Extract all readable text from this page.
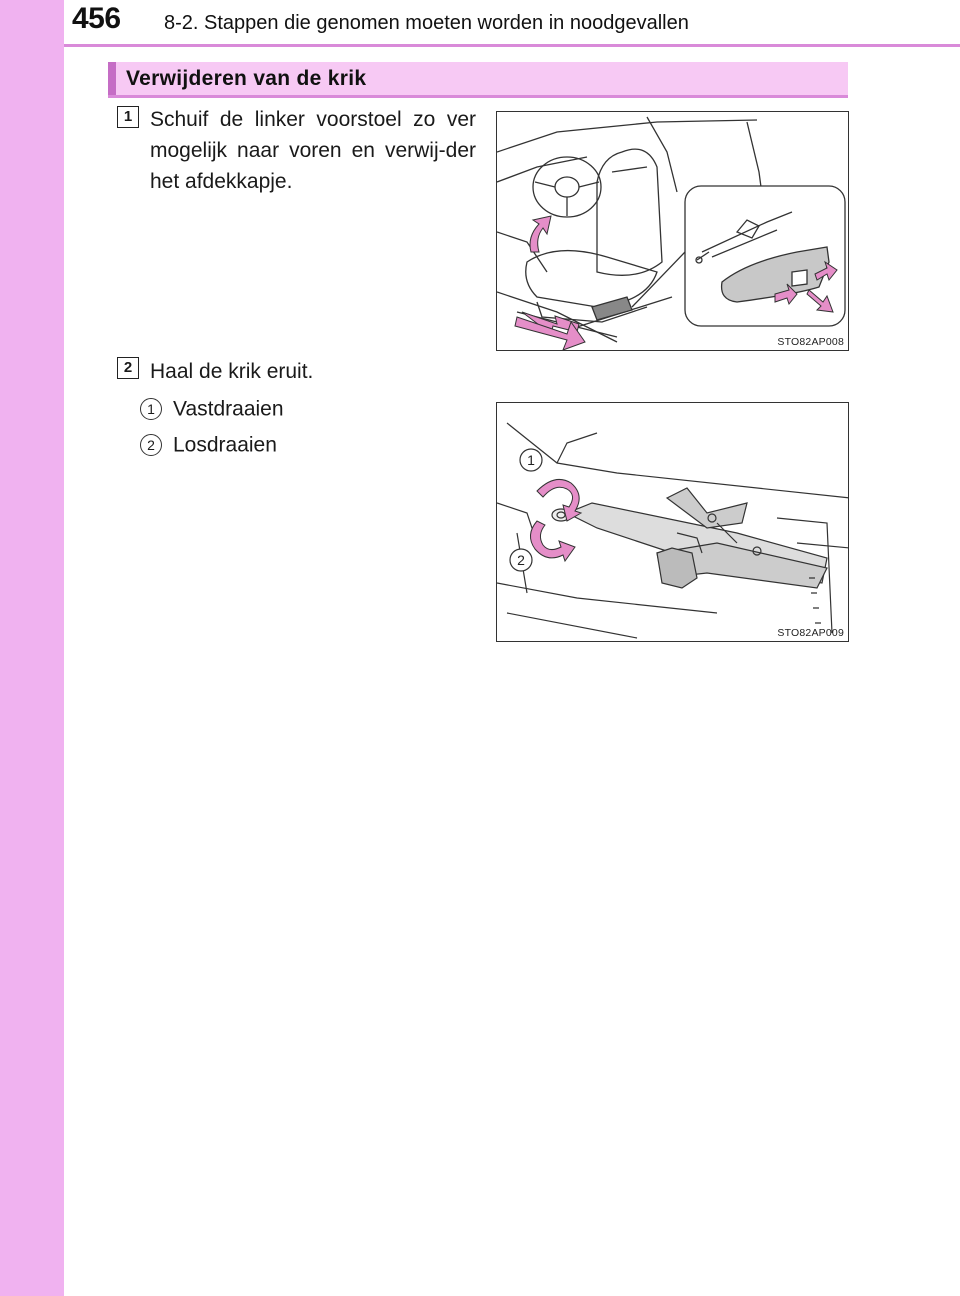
456 8-2. Stappen die genomen moeten worden in noodgevallen
Verwijderen van de krik
1 Schuif de linker voorstoel zo ver mogelijk naar voren en verwij-der het afdekkapje.
STO82AP008
2 Haal de krik eruit.
1 Vastdraaien
2 Losdraaien
1
2
STO82AP009
